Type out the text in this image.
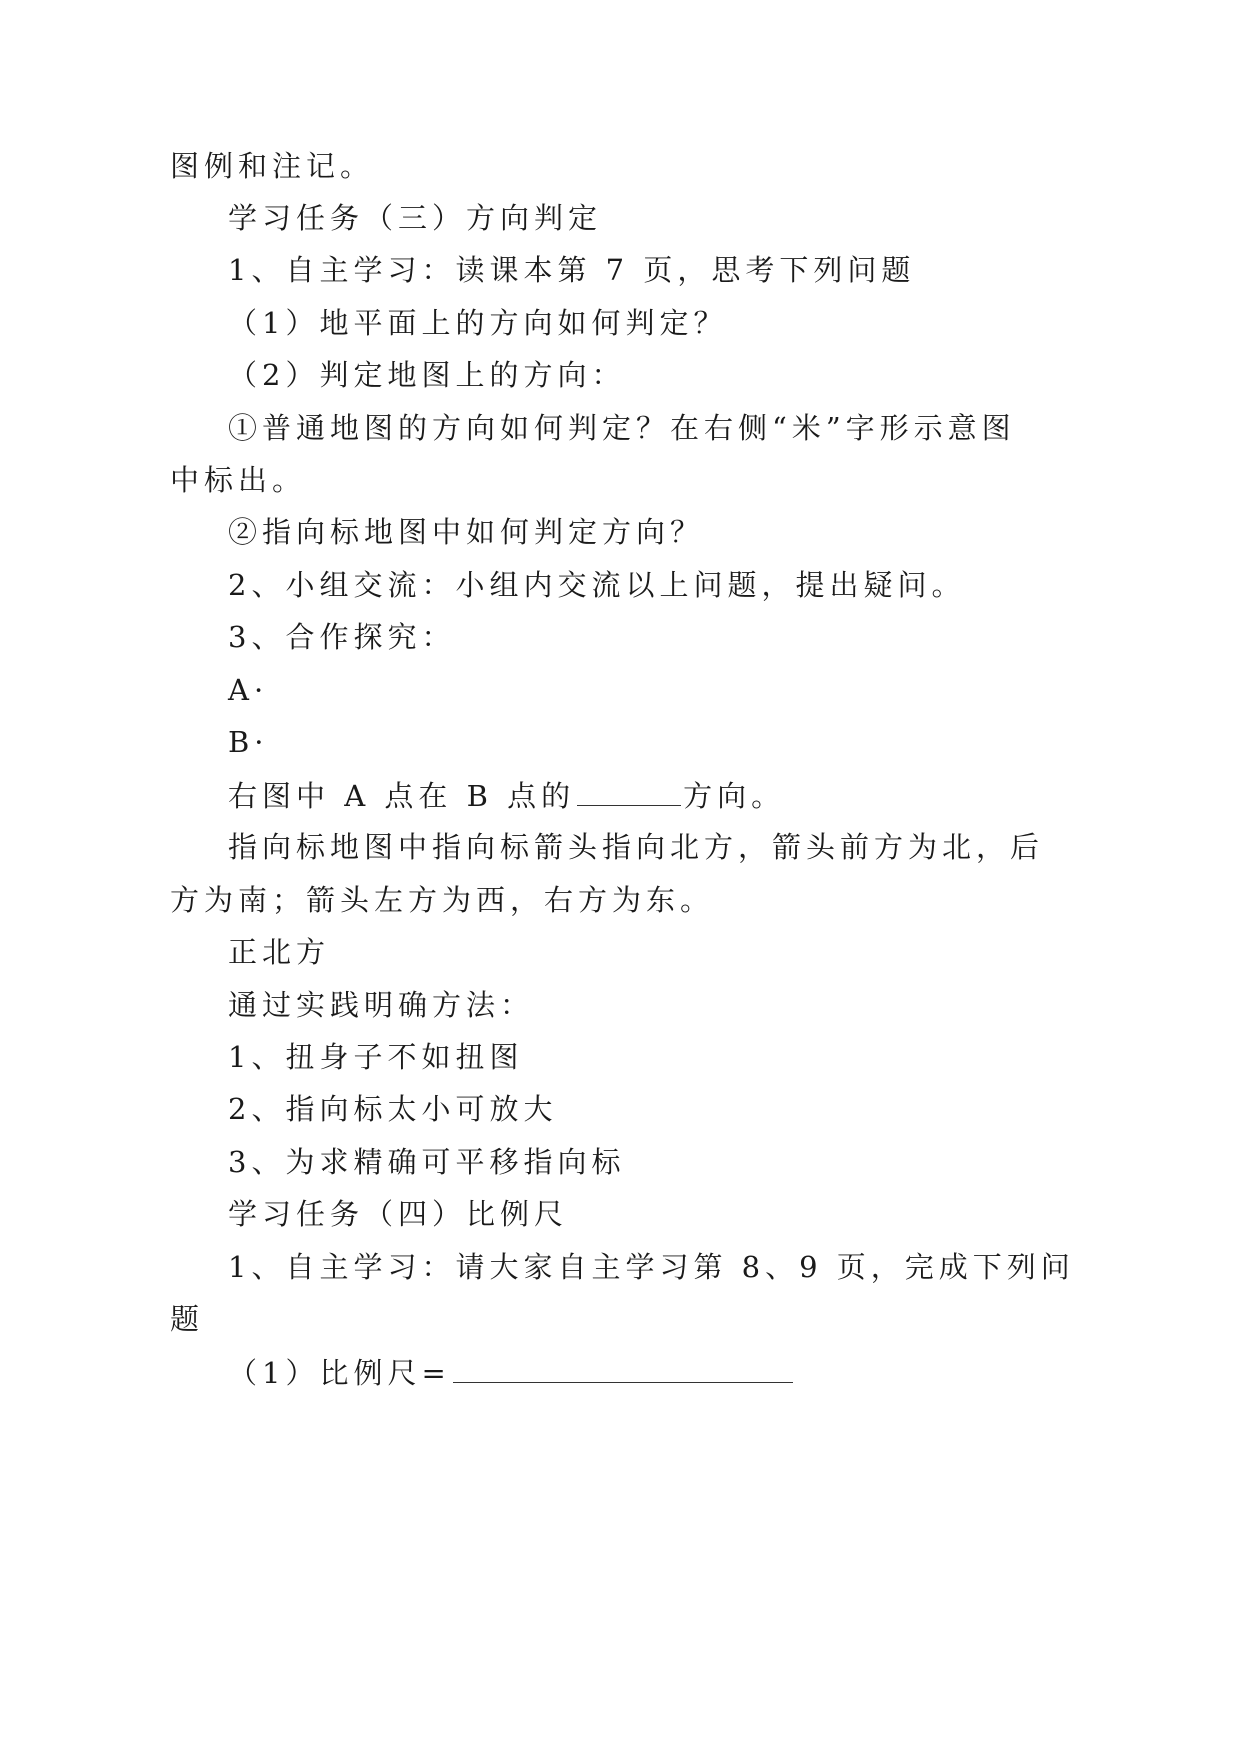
图例和注记。
学习任务（三）方向判定
1、自主学习：读课本第 7 页，思考下列问题
（1）地平面上的方向如何判定？
（2）判定地图上的方向：
①普通地图的方向如何判定？在右侧“米”字形示意图
中标出。
②指向标地图中如何判定方向？
2、小组交流：小组内交流以上问题，提出疑问。
3、合作探究：
A·
B·
右图中 A 点在 B 点的	方向。
指向标地图中指向标箭头指向北方，箭头前方为北，后
方为南；箭头左方为西，右方为东。
正北方
通过实践明确方法：
1、扭身子不如扭图
2、指向标太小可放大
3、为求精确可平移指向标
学习任务（四）比例尺
1、自主学习：请大家自主学习第 8、9 页，完成下列问
题
（1）比例尺=
